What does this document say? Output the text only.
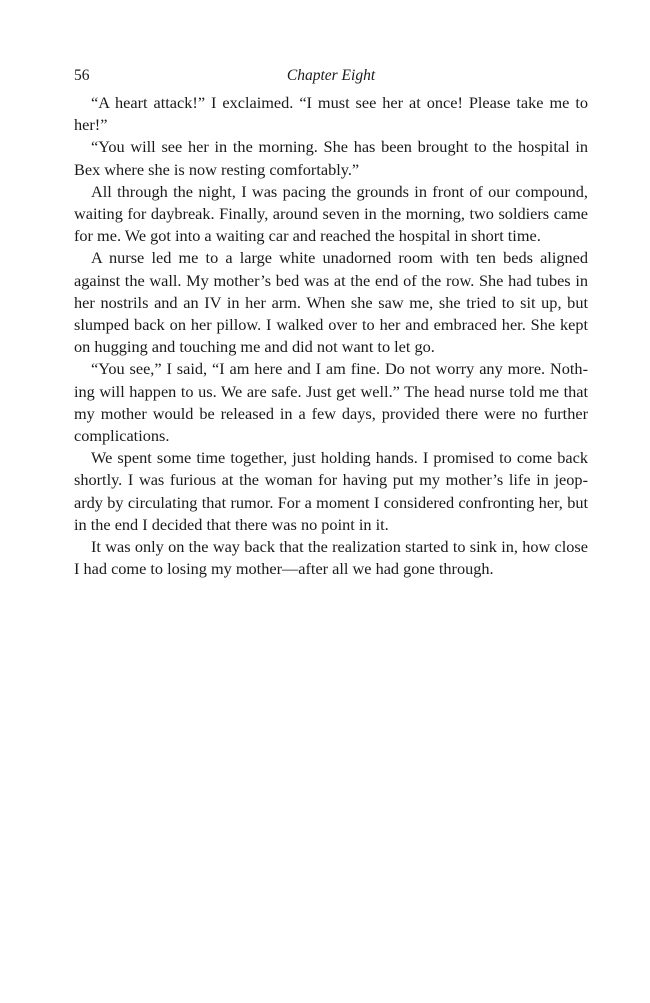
56	Chapter Eight

“A heart attack!” I exclaimed. “I must see her at once! Please take me to her!”

“You will see her in the morning. She has been brought to the hospital in Bex where she is now resting comfortably.”

All through the night, I was pacing the grounds in front of our compound, waiting for daybreak. Finally, around seven in the morning, two soldiers came for me. We got into a waiting car and reached the hospital in short time.

A nurse led me to a large white unadorned room with ten beds aligned against the wall. My mother’s bed was at the end of the row. She had tubes in her nostrils and an IV in her arm. When she saw me, she tried to sit up, but slumped back on her pillow. I walked over to her and embraced her. She kept on hugging and touching me and did not want to let go.

“You see,” I said, “I am here and I am fine. Do not worry any more. Nothing will happen to us. We are safe. Just get well.” The head nurse told me that my mother would be released in a few days, provided there were no further complications.

We spent some time together, just holding hands. I promised to come back shortly. I was furious at the woman for having put my mother’s life in jeopardy by circulating that rumor. For a moment I considered confronting her, but in the end I decided that there was no point in it.

It was only on the way back that the realization started to sink in, how close I had come to losing my mother—after all we had gone through.
